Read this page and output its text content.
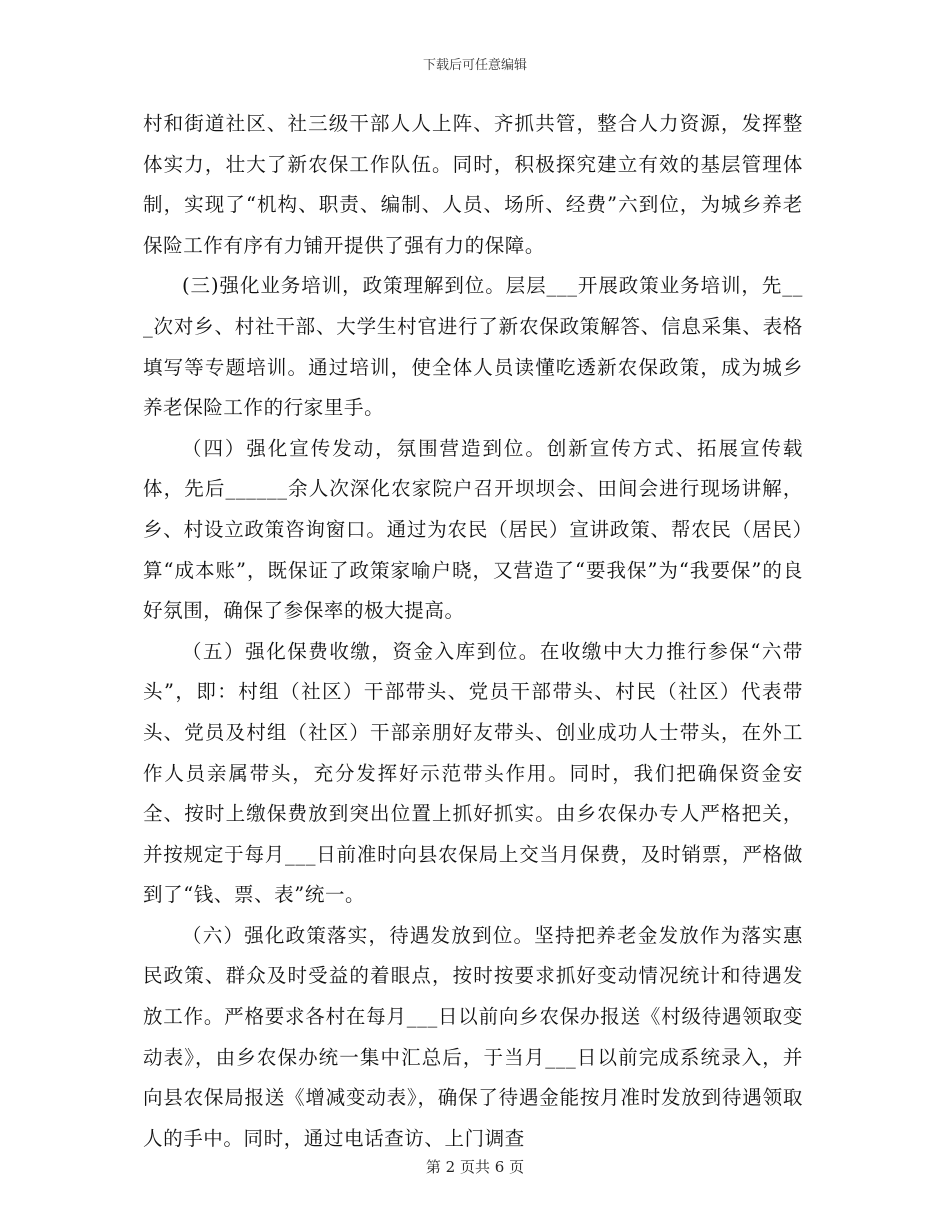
下载后可任意编辑

村和街道社区、社三级干部人人上阵、齐抓共管，整合人力资源，发挥整体实力，壮大了新农保工作队伍。同时，积极探究建立有效的基层管理体制，实现了“机构、职责、编制、人员、场所、经费”六到位，为城乡养老保险工作有序有力铺开提供了强有力的保障。

(三)强化业务培训，政策理解到位。层层___开展政策业务培训，先___次对乡、村社干部、大学生村官进行了新农保政策解答、信息采集、表格填写等专题培训。通过培训，使全体人员读懂吃透新农保政策，成为城乡养老保险工作的行家里手。

（四）强化宣传发动，氛围营造到位。创新宣传方式、拓展宣传载体，先后______余人次深化农家院户召开坝坝会、田间会进行现场讲解，乡、村设立政策咨询窗口。通过为农民（居民）宣讲政策、帮农民（居民）算“成本账”，既保证了政策家喻户晓，又营造了“要我保”为“我要保”的良好氛围，确保了参保率的极大提高。

（五）强化保费收缴，资金入库到位。在收缴中大力推行参保“六带头”，即：村组（社区）干部带头、党员干部带头、村民（社区）代表带头、党员及村组（社区）干部亲朋好友带头、创业成功人士带头，在外工作人员亲属带头，充分发挥好示范带头作用。同时，我们把确保资金安全、按时上缴保费放到突出位置上抓好抓实。由乡农保办专人严格把关，并按规定于每月___日前准时向县农保局上交当月保费，及时销票，严格做到了“钱、票、表”统一。

（六）强化政策落实，待遇发放到位。坚持把养老金发放作为落实惠民政策、群众及时受益的着眼点，按时按要求抓好变动情况统计和待遇发放工作。严格要求各村在每月___日以前向乡农保办报送《村级待遇领取变动表》，由乡农保办统一集中汇总后，于当月___日以前完成系统录入，并向县农保局报送《增减变动表》，确保了待遇金能按月准时发放到待遇领取人的手中。同时，通过电话查访、上门调查

第 2 页共 6 页
